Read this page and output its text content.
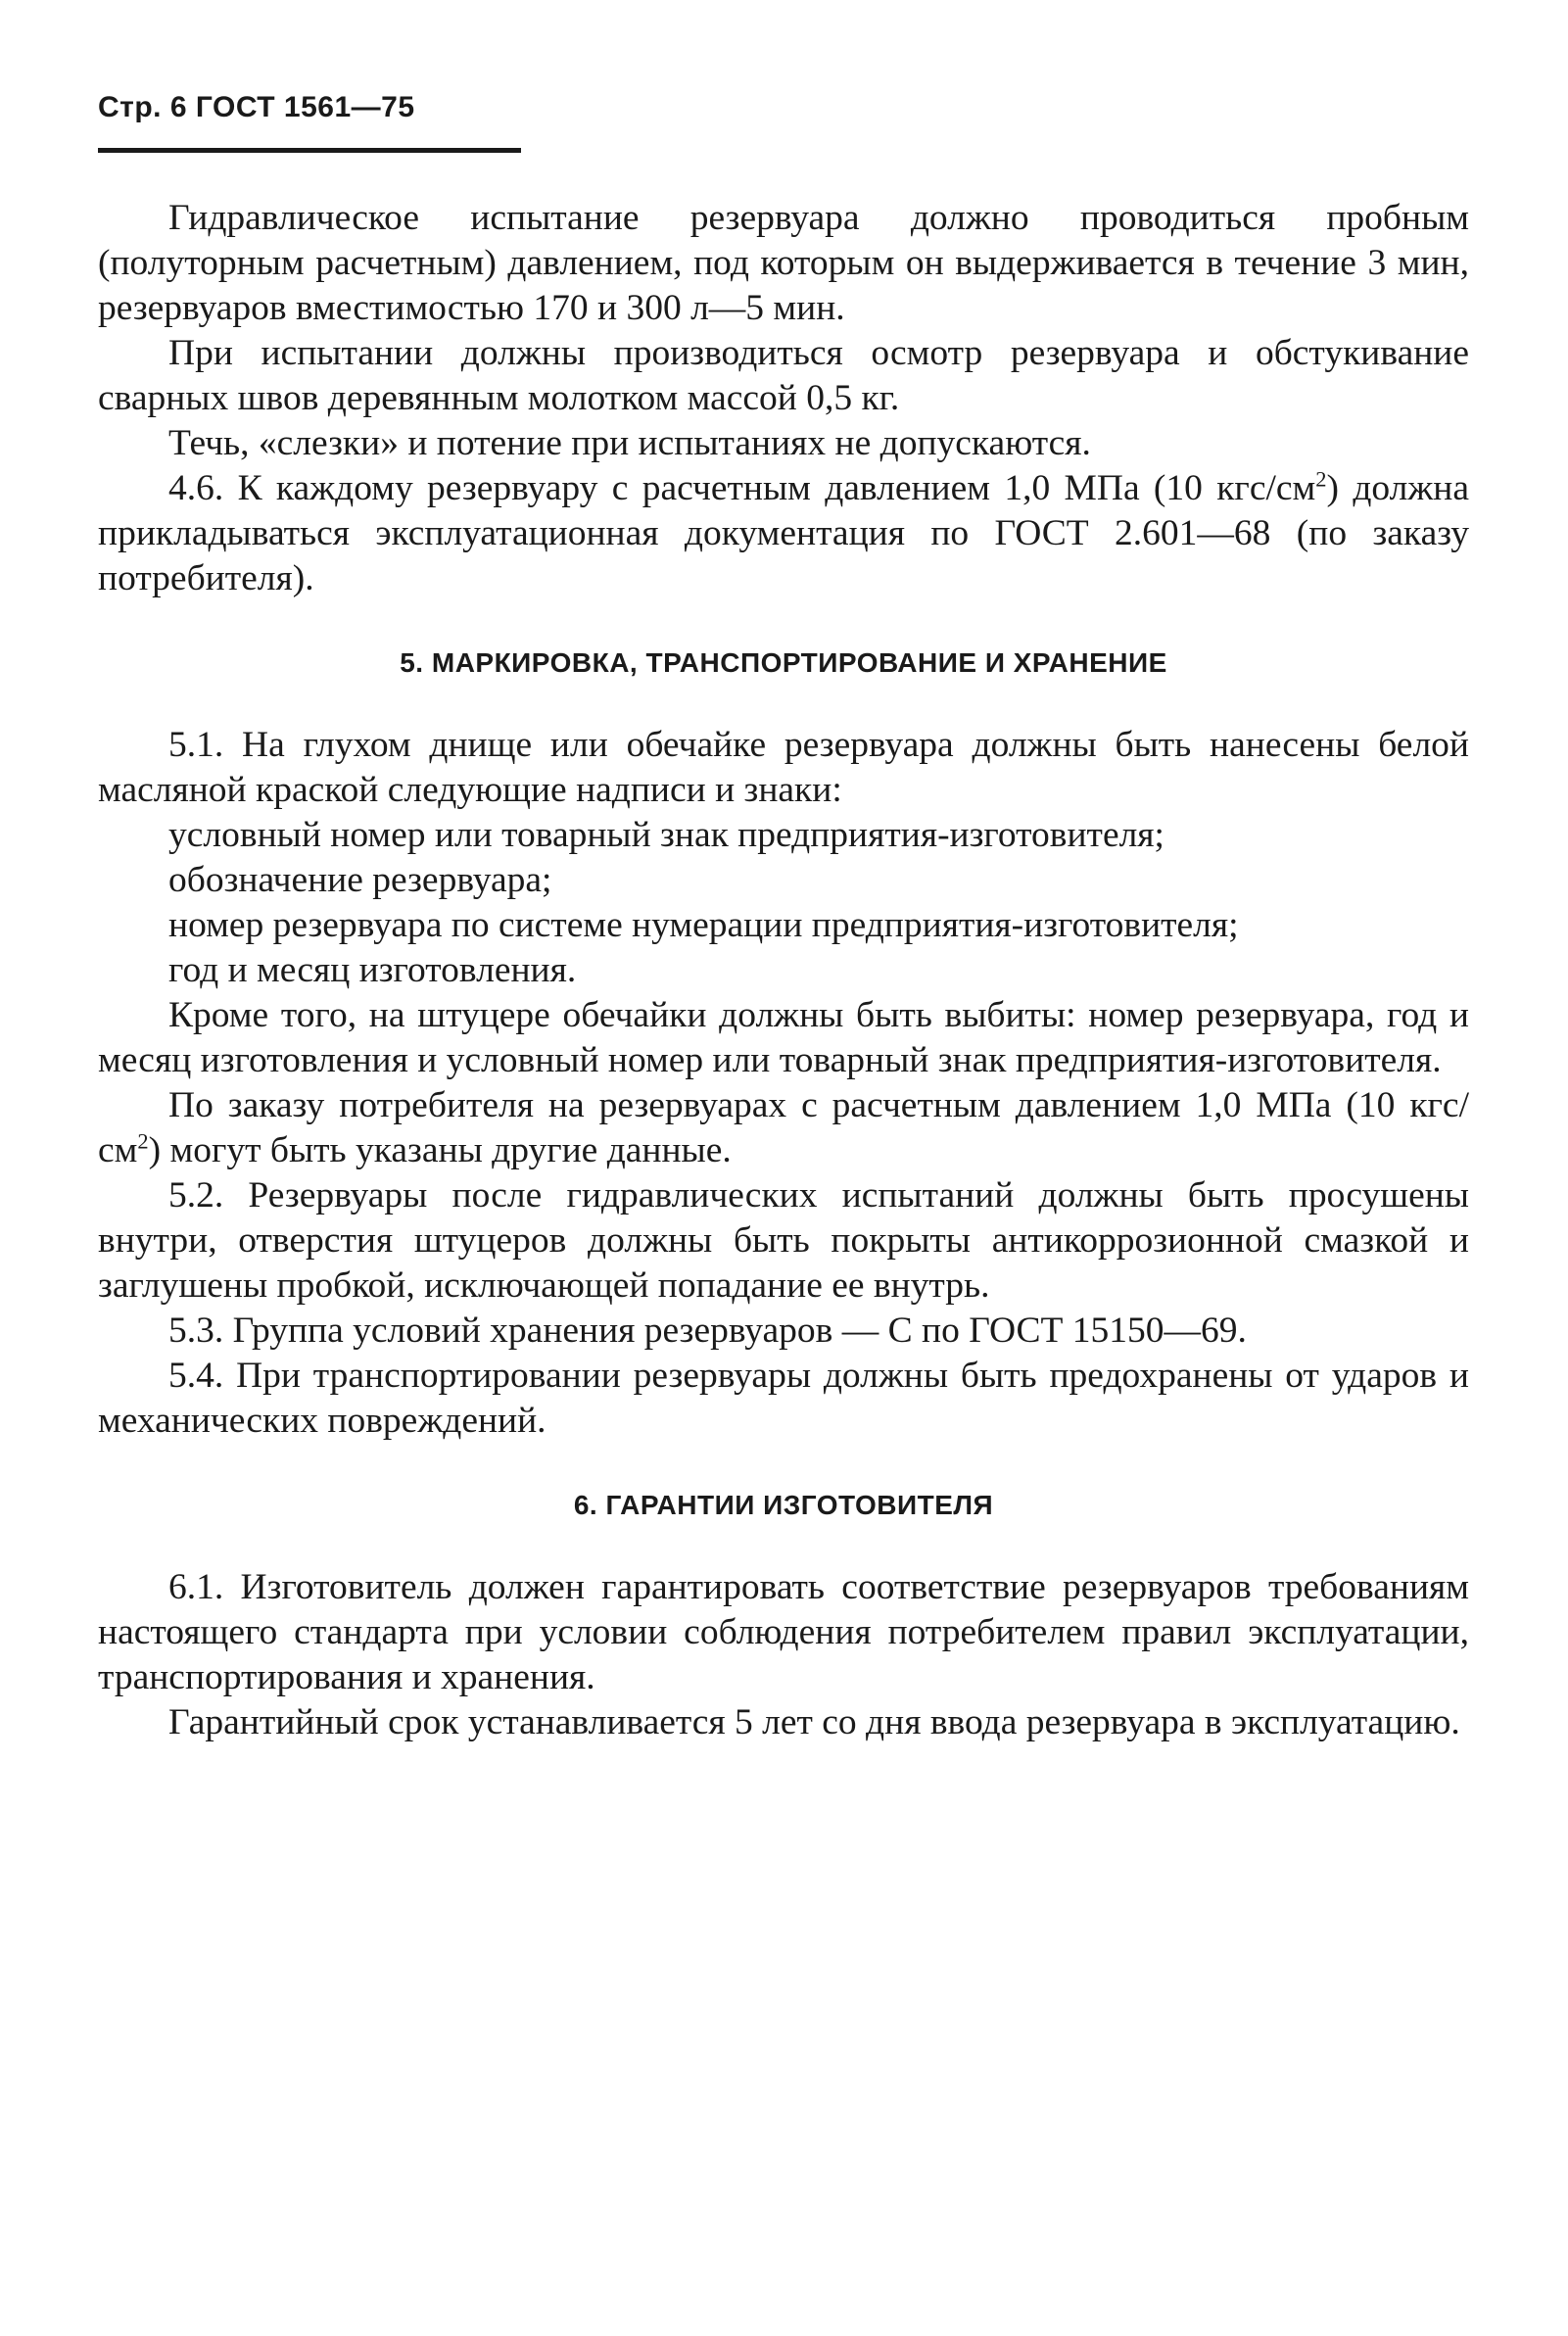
Стр. 6 ГОСТ 1561—75

Гидравлическое испытание резервуара должно проводиться пробным (полуторным расчетным) давлением, под которым он выдерживается в течение 3 мин, резервуаров вместимостью 170 и 300 л—5 мин.

При испытании должны производиться осмотр резервуара и обстукивание сварных швов деревянным молотком массой 0,5 кг.

Течь, «слезки» и потение при испытаниях не допускаются.

4.6. К каждому резервуару с расчетным давлением 1,0 МПа (10 кгс/$см^2$) должна прикладываться эксплуатационная документация по ГОСТ 2.601—68 (по заказу потребителя).

5. МАРКИРОВКА, ТРАНСПОРТИРОВАНИЕ И ХРАНЕНИЕ

5.1. На глухом днище или обечайке резервуара должны быть нанесены белой масляной краской следующие надписи и знаки:

условный номер или товарный знак предприятия-изготовителя;

обозначение резервуара;

номер резервуара по системе нумерации предприятия-изготовителя;

год и месяц изготовления.

Кроме того, на штуцере обечайки должны быть выбиты: номер резервуара, год и месяц изготовления и условный номер или товарный знак предприятия-изготовителя.

По заказу потребителя на резервуарах с расчетным давлением 1,0 МПа (10 кгс/$см^2$) могут быть указаны другие данные.

5.2. Резервуары после гидравлических испытаний должны быть просушены внутри, отверстия штуцеров должны быть покрыты антикоррозионной смазкой и заглушены пробкой, исключающей попадание ее внутрь.

5.3. Группа условий хранения резервуаров — С по ГОСТ 15150—69.

5.4. При транспортировании резервуары должны быть предохранены от ударов и механических повреждений.

6. ГАРАНТИИ ИЗГОТОВИТЕЛЯ

6.1. Изготовитель должен гарантировать соответствие резервуаров требованиям настоящего стандарта при условии соблюдения потребителем правил эксплуатации, транспортирования и хранения.

Гарантийный срок устанавливается 5 лет со дня ввода резервуара в эксплуатацию.
